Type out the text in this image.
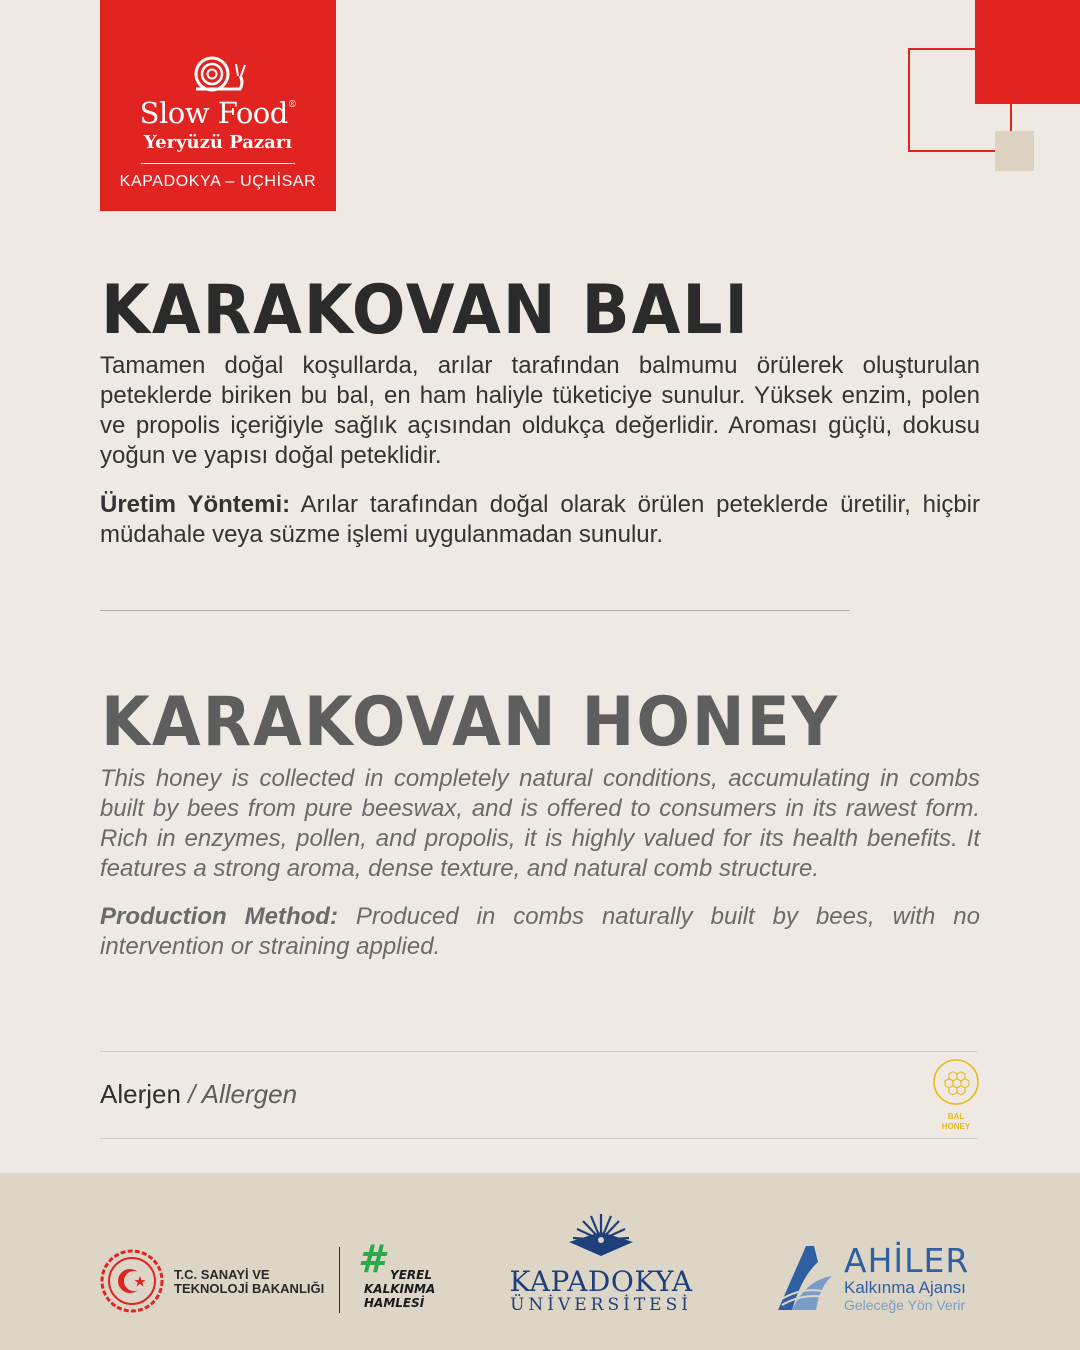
Slow Food®
Yeryüzü Pazarı
KAPADOKYA – UÇHİSAR
KARAKOVAN BALI

Tamamen doğal koşullarda, arılar tarafından balmumu örülerek oluşturulan peteklerde biriken bu bal, en ham haliyle tüketiciye sunulur. Yüksek enzim, polen ve propolis içeriğiyle sağlık açısından oldukça değerlidir. Aroması güçlü, dokusu yoğun ve yapısı doğal peteklidir.

Üretim Yöntemi: Arılar tarafından doğal olarak örülen peteklerde üretilir, hiçbir müdahale veya süzme işlemi uygulanmadan sunulur.

KARAKOVAN HONEY

This honey is collected in completely natural conditions, accumulating in combs built by bees from pure beeswax, and is offered to consumers in its rawest form. Rich in enzymes, pollen, and propolis, it is highly valued for its health benefits. It features a strong aroma, dense texture, and natural comb structure.

Production Method: Produced in combs naturally built by bees, with no intervention or straining applied.

Alerjen / Allergen
BAL
HONEY
T.C. SANAYİ VE
TEKNOLOJİ BAKANLIĞI
# YEREL
KALKINMA
HAMLESİ
KAPADOKYA
ÜNİVERSİTESİ
AHİLER
Kalkınma Ajansı
Geleceğe Yön Verir
